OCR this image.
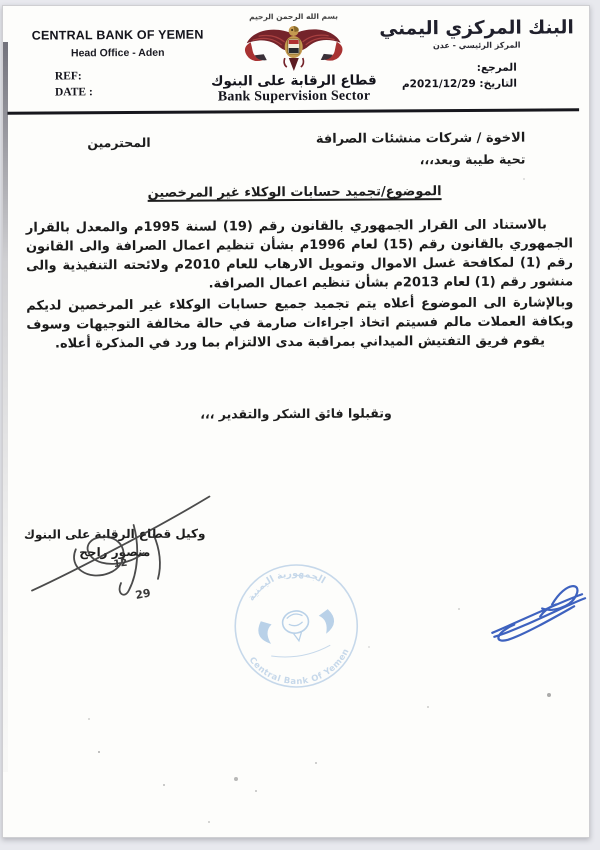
CENTRAL BANK OF YEMEN
Head Office - Aden
REF:
DATE :
بسم الله الرحمن الرحيم
قطاع الرقابة على البنوك
Bank Supervision Sector
البنك المركزي اليمني
المركز الرئيسي - عدن
المرجع:
التاريخ: 2021/12/29م
الاخوة / شركات منشئات الصرافة
المحترمين
تحية طيبة وبعد،،،
الموضوع/تجميد حسابات الوكلاء غير المرخصين
بالاستناد الى القرار الجمهوري بالقانون رقم (19) لسنة 1995م والمعدل بالقرار الجمهوري بالقانون رقم (15) لعام 1996م بشأن تنظيم اعمال الصرافة والى القانون رقم (1) لمكافحة غسل الاموال وتمويل الارهاب للعام 2010م ولائحته التنفيذية والى منشور رقم (1) لعام 2013م بشأن تنظيم اعمال الصرافة.
وبالإشارة الى الموضوع أعلاه يتم تجميد جميع حسابات الوكلاء غير المرخصين لديكم وبكافة العملات مالم فسيتم اتخاذ اجراءات صارمة في حالة مخالفة التوجيهات وسوف يقوم فريق التفتيش الميداني بمراقبة مدى الالتزام بما ورد في المذكرة أعلاه.
وتقبلوا فائق الشكر والتقدير ،،،
وكيل قطاع الرقابة على البنوك
منصور راجح
12
29	الجمهورية اليمنية
Central Bank Of Yemen
